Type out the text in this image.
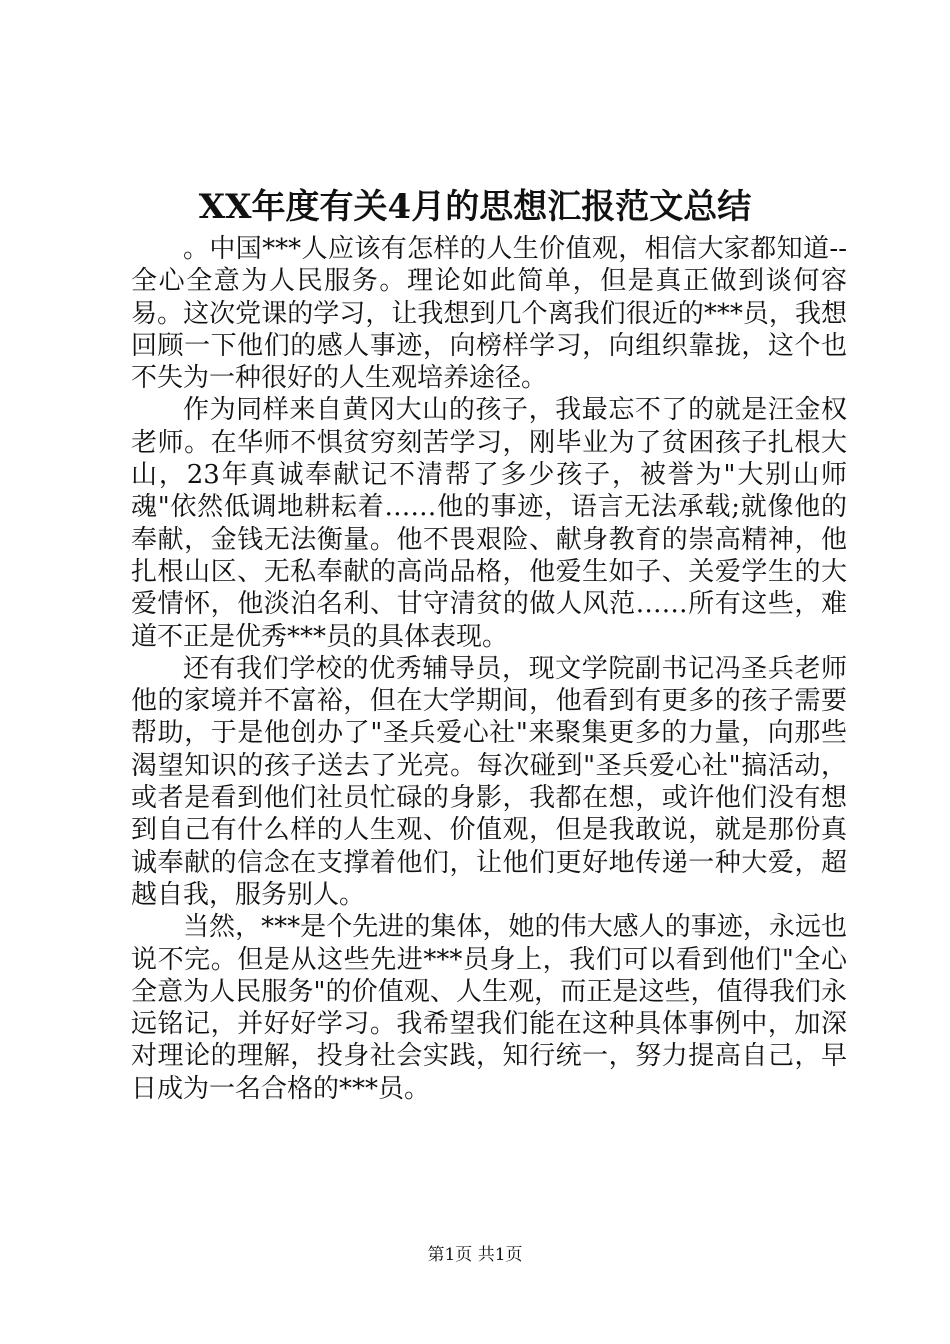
XX年度有关4月的思想汇报范文总结

。中国***人应该有怎样的人生价值观，相信大家都知道--全心全意为人民服务。理论如此简单，但是真正做到谈何容易。这次党课的学习，让我想到几个离我们很近的***员，我想回顾一下他们的感人事迹，向榜样学习，向组织靠拢，这个也不失为一种很好的人生观培养途径。

作为同样来自黄冈大山的孩子，我最忘不了的就是汪金权老师。在华师不惧贫穷刻苦学习，刚毕业为了贫困孩子扎根大山，23年真诚奉献记不清帮了多少孩子，被誉为"大别山师魂"依然低调地耕耘着……他的事迹，语言无法承载;就像他的奉献，金钱无法衡量。他不畏艰险、献身教育的崇高精神，他扎根山区、无私奉献的高尚品格，他爱生如子、关爱学生的大爱情怀，他淡泊名利、甘守清贫的做人风范……所有这些，难道不正是优秀***员的具体表现。

还有我们学校的优秀辅导员，现文学院副书记冯圣兵老师他的家境并不富裕，但在大学期间，他看到有更多的孩子需要帮助，于是他创办了"圣兵爱心社"来聚集更多的力量，向那些渴望知识的孩子送去了光亮。每次碰到"圣兵爱心社"搞活动，或者是看到他们社员忙碌的身影，我都在想，或许他们没有想到自己有什么样的人生观、价值观，但是我敢说，就是那份真诚奉献的信念在支撑着他们，让他们更好地传递一种大爱，超越自我，服务别人。

当然，***是个先进的集体，她的伟大感人的事迹，永远也说不完。但是从这些先进***员身上，我们可以看到他们"全心全意为人民服务"的价值观、人生观，而正是这些，值得我们永远铭记，并好好学习。我希望我们能在这种具体事例中，加深对理论的理解，投身社会实践，知行统一，努力提高自己，早日成为一名合格的***员。

第1页 共1页
